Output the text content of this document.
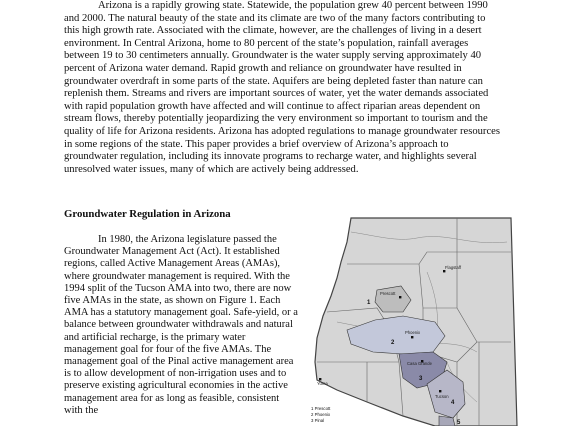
Arizona is a rapidly growing state. Statewide, the population grew 40 percent between 1990 and 2000. The natural beauty of the state and its climate are two of the many factors contributing to this high growth rate. Associated with the climate, however, are the challenges of living in a desert environment. In Central Arizona, home to 80 percent of the state’s population, rainfall averages between 19 to 30 centimeters annually. Groundwater is the water supply serving approximately 40 percent of Arizona water demand. Rapid growth and reliance on groundwater have resulted in groundwater overdraft in some parts of the state. Aquifers are being depleted faster than nature can replenish them. Streams and rivers are important sources of water, yet the water demands associated with rapid population growth have affected and will continue to affect riparian areas dependent on stream flows, thereby potentially jeopardizing the very environment so important to tourism and the quality of life for Arizona residents. Arizona has adopted regulations to manage groundwater resources in some regions of the state. This paper provides a brief overview of Arizona’s approach to groundwater regulation, including its innovate programs to recharge water, and highlights several unresolved water issues, many of which are actively being addressed.

Groundwater Regulation in Arizona

In 1980, the Arizona legislature passed the Groundwater Management Act (Act). It established regions, called Active Management Areas (AMAs), where groundwater management is required. With the 1994 split of the Tucson AMA into two, there are now five AMAs in the state, as shown on Figure 1. Each AMA has a statutory management goal. Safe-yield, or a balance between groundwater withdrawals and natural and artificial recharge, is the primary water management goal for four of the five AMAs. The management goal of the Pinal active management area is to allow development of non-irrigation uses and to preserve existing agricultural economies in the active management area for as long as feasible, consistent with the

Flagstaff
Prescott
Phoenix
Yuma
Casa Grande
Tucson
1
2
3
4
5
1 Prescott
2 Phoenix
3 Pinal
